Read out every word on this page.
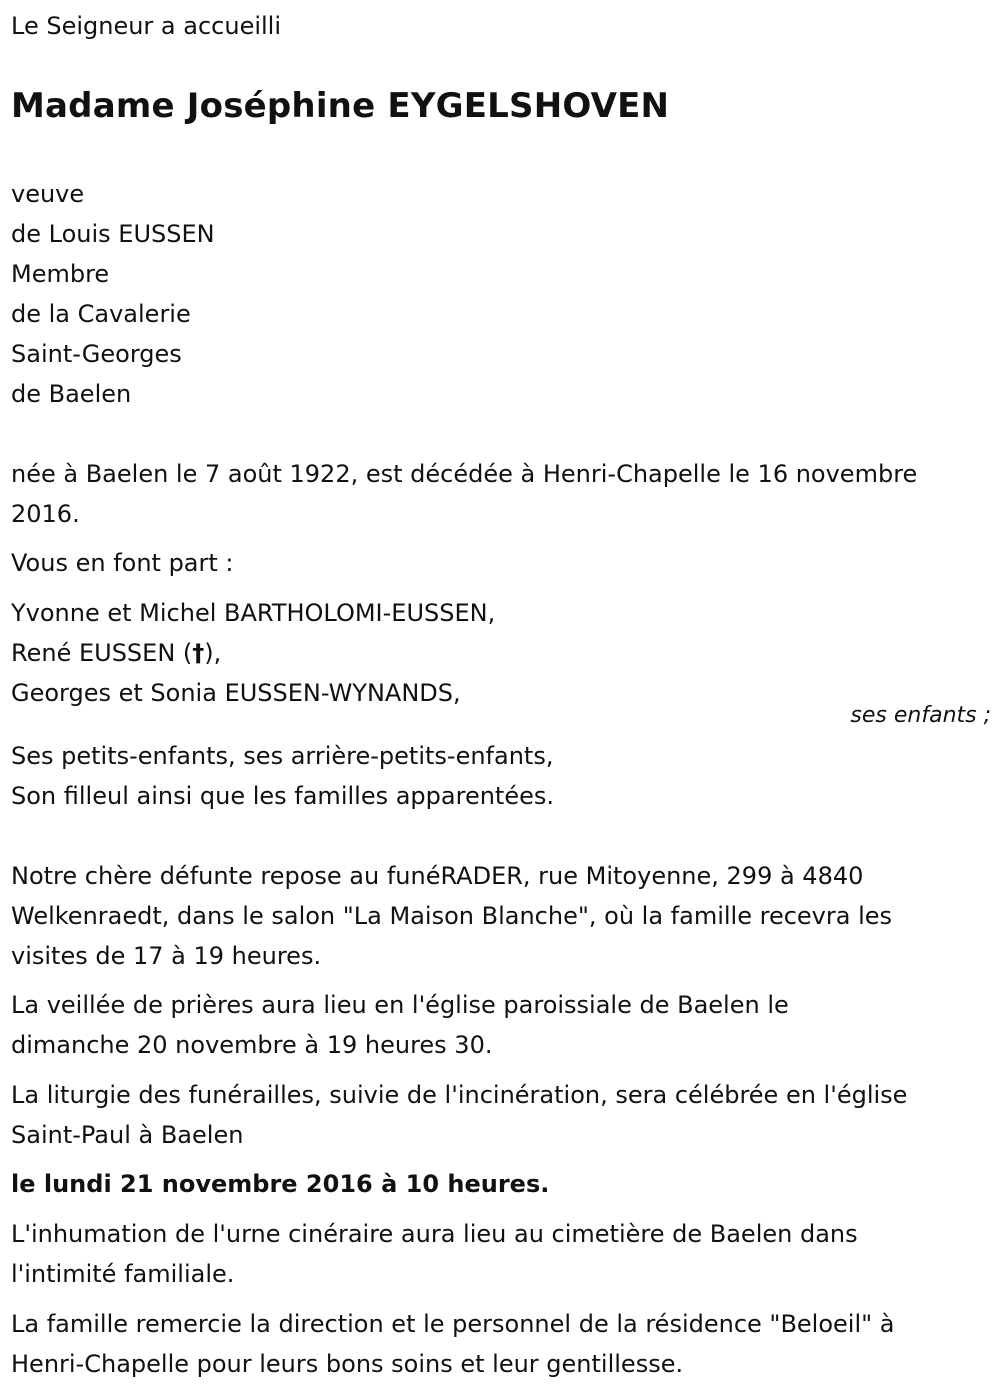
Le Seigneur a accueilli
Madame Joséphine EYGELSHOVEN
veuve
de Louis EUSSEN
Membre
de la Cavalerie
Saint-Georges
de Baelen
née à Baelen le 7 août 1922, est décédée à Henri-Chapelle le 16 novembre
2016.
Vous en font part :
Yvonne et Michel BARTHOLOMI-EUSSEN,
René EUSSEN (†),
Georges et Sonia EUSSEN-WYNANDS,
ses enfants ;
Ses petits-enfants, ses arrière-petits-enfants,
Son filleul ainsi que les familles apparentées.
Notre chère défunte repose au funéRADER, rue Mitoyenne, 299 à 4840
Welkenraedt, dans le salon "La Maison Blanche", où la famille recevra les
visites de 17 à 19 heures.
La veillée de prières aura lieu en l'église paroissiale de Baelen le
dimanche 20 novembre à 19 heures 30.
La liturgie des funérailles, suivie de l'incinération, sera célébrée en l'église
Saint-Paul à Baelen
le lundi 21 novembre 2016 à 10 heures.
L'inhumation de l'urne cinéraire aura lieu au cimetière de Baelen dans
l'intimité familiale.
La famille remercie la direction et le personnel de la résidence "Beloeil" à
Henri-Chapelle pour leurs bons soins et leur gentillesse.
